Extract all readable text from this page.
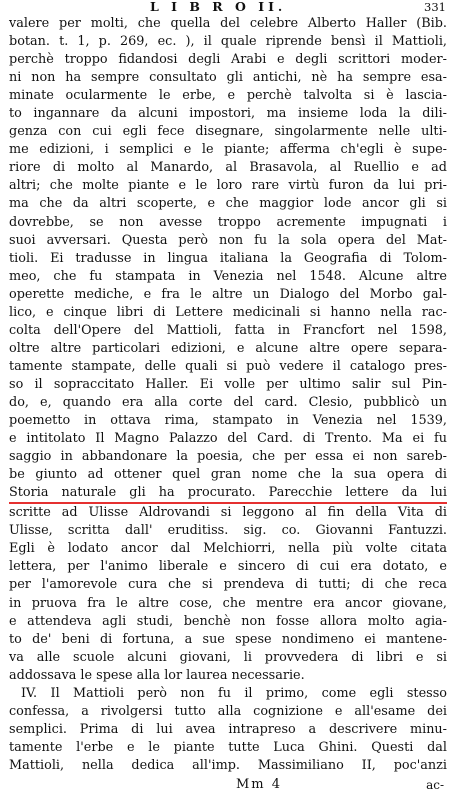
L I B R O II.	331
valere per molti, che quella del celebre Alberto Haller (Bib.
botan. t. 1, p. 269, ec. ), il quale riprende bensì il Mattioli,
perchè troppo fidandosi degli Arabi e degli scrittori moder-
ni non ha sempre consultato gli antichi, nè ha sempre esa-
minate ocularmente le erbe, e perchè talvolta si è lascia-
to ingannare da alcuni impostori, ma insieme loda la dili-
genza con cui egli fece disegnare, singolarmente nelle ulti-
me edizioni, i semplici e le piante; afferma ch'egli è supe-
riore di molto al Manardo, al Brasavola, al Ruellio e ad
altri; che molte piante e le loro rare virtù furon da lui pri-
ma che da altri scoperte, e che maggior lode ancor gli si
dovrebbe, se non avesse troppo acremente impugnati i
suoi avversari. Questa però non fu la sola opera del Mat-
tioli. Ei tradusse in lingua italiana la Geografia di Tolom-
meo, che fu stampata in Venezia nel 1548. Alcune altre
operette mediche, e fra le altre un Dialogo del Morbo gal-
lico, e cinque libri di Lettere medicinali si hanno nella rac-
colta dell'Opere del Mattioli, fatta in Francfort nel 1598,
oltre altre particolari edizioni, e alcune altre opere separa-
tamente stampate, delle quali si può vedere il catalogo pres-
so il sopraccitato Haller. Ei volle per ultimo salir sul Pin-
do, e, quando era alla corte del card. Clesio, pubblicò un
poemetto in ottava rima, stampato in Venezia nel 1539,
e intitolato Il Magno Palazzo del Card. di Trento. Ma ei fu
saggio in abbandonare la poesia, che per essa ei non sareb-
be giunto ad ottener quel gran nome che la sua opera di
Storia naturale gli ha procurato. Parecchie lettere da lui
scritte ad Ulisse Aldrovandi si leggono al fin della Vita di
Ulisse, scritta dall' eruditiss. sig. co. Giovanni Fantuzzi.
Egli è lodato ancor dal Melchiorri, nella più volte citata
lettera, per l'animo liberale e sincero di cui era dotato, e
per l'amorevole cura che si prendeva di tutti; di che reca
in pruova fra le altre cose, che mentre era ancor giovane,
e attendeva agli studi, benchè non fosse allora molto agia-
to de' beni di fortuna, a sue spese nondimeno ei mantene-
va alle scuole alcuni giovani, li provvedera di libri e si
addossava le spese alla lor laurea necessarie.
IV. Il Mattioli però non fu il primo, come egli stesso
confessa, a rivolgersi tutto alla cognizione e all'esame dei
semplici. Prima di lui avea intrapreso a descrivere minu-
tamente l'erbe e le piante tutte Luca Ghini. Questi dal
Mattioli, nella dedica all'imp. Massimiliano II, poc'anzi
Mm 4	ac-
